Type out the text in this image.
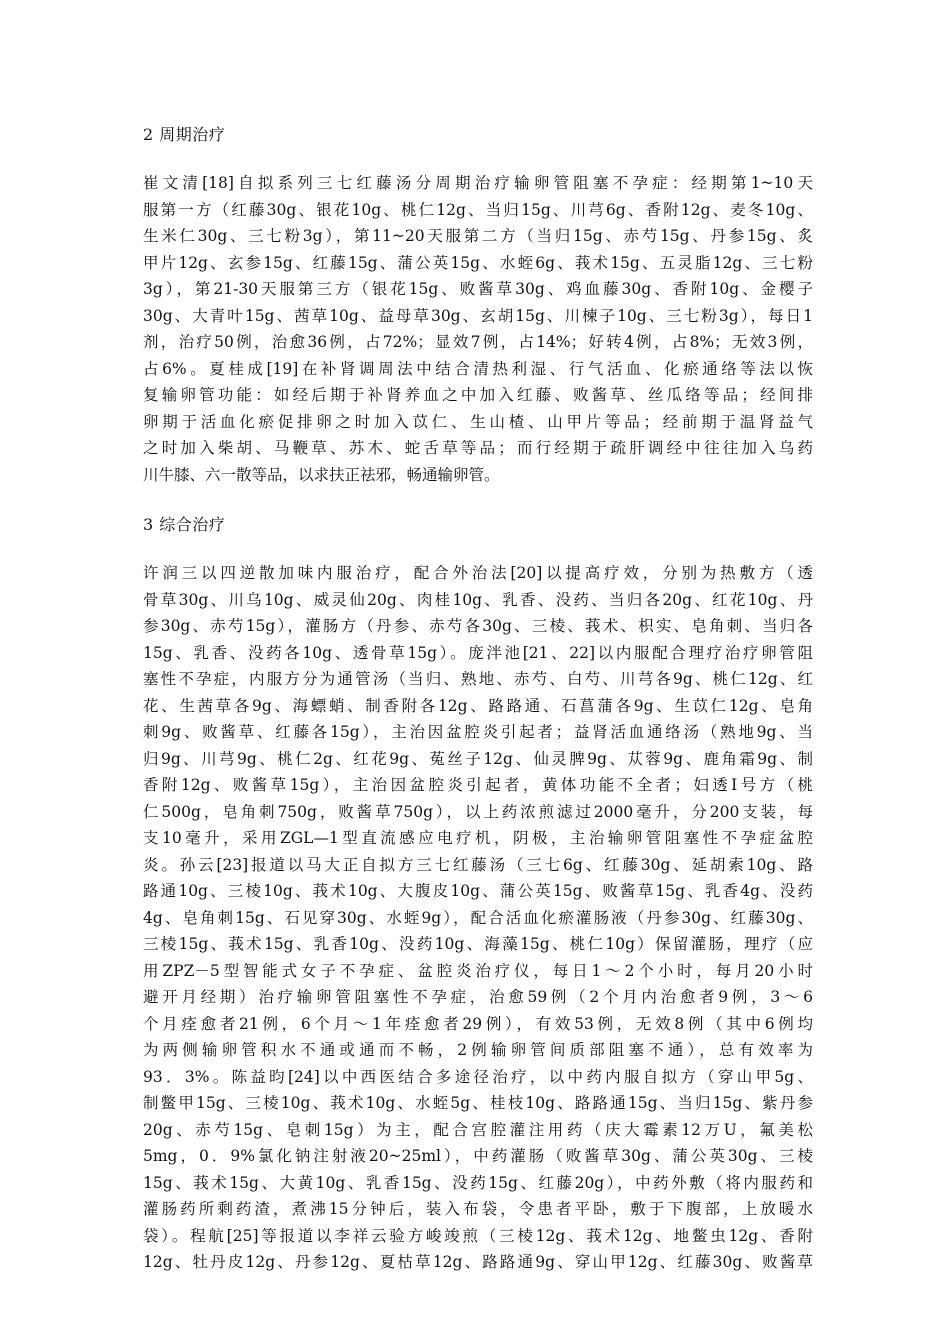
2 周期治疗
崔文清[18]自拟系列三七红藤汤分周期治疗输卵管阻塞不孕症：经期第1~10天
服第一方（红藤30g、银花10g、桃仁12g、当归15g、川芎6g、香附12g、麦冬10g、
生米仁30g、三七粉3g），第11~20天服第二方（当归15g、赤芍15g、丹参15g、炙
甲片12g、玄参15g、红藤15g、蒲公英15g、水蛭6g、莪术15g、五灵脂12g、三七粉
3g），第21-30天服第三方（银花15g、败酱草30g、鸡血藤30g、香附10g、金樱子
30g、大青叶15g、茜草10g、益母草30g、玄胡15g、川楝子10g、三七粉3g），每日1
剂，治疗50例，治愈36例，占72%；显效7例，占14%；好转4例，占8%；无效3例，
占6%。夏桂成[19]在补肾调周法中结合清热利湿、行气活血、化瘀通络等法以恢
复输卵管功能：如经后期于补肾养血之中加入红藤、败酱草、丝瓜络等品；经间排
卵期于活血化瘀促排卵之时加入苡仁、生山楂、山甲片等品；经前期于温肾益气
之时加入柴胡、马鞭草、苏木、蛇舌草等品；而行经期于疏肝调经中往往加入乌药
川牛膝、六一散等品，以求扶正祛邪，畅通输卵管。
3 综合治疗
许润三以四逆散加味内服治疗，配合外治法[20]以提高疗效，分别为热敷方（透
骨草30g、川乌10g、威灵仙20g、肉桂10g、乳香、没药、当归各20g、红花10g、丹
参30g、赤芍15g），灌肠方（丹参、赤芍各30g、三棱、莪术、枳实、皂角刺、当归各
15g、乳香、没药各10g、透骨草15g）。庞泮池[21、22]以内服配合理疗治疗卵管阻
塞性不孕症，内服方分为通管汤（当归、熟地、赤芍、白芍、川芎各9g、桃仁12g、红
花、生茜草各9g、海螵蛸、制香附各12g、路路通、石菖蒲各9g、生苡仁12g、皂角
刺9g、败酱草、红藤各15g），主治因盆腔炎引起者；益肾活血通络汤（熟地9g、当
归9g、川芎9g、桃仁2g、红花9g、菟丝子12g、仙灵脾9g、苁蓉9g、鹿角霜9g、制
香附12g、败酱草15g），主治因盆腔炎引起者，黄体功能不全者；妇透Ⅰ号方（桃
仁500g，皂角刺750g，败酱草750g），以上药浓煎滤过2000毫升，分200支装，每
支10毫升，采用ZGL—1型直流感应电疗机，阴极，主治输卵管阻塞性不孕症盆腔
炎。孙云[23]报道以马大正自拟方三七红藤汤（三七6g、红藤30g、延胡索10g、路
路通10g、三棱10g、莪术10g、大腹皮10g、蒲公英15g、败酱草15g、乳香4g、没药
4g、皂角刺15g、石见穿30g、水蛭9g），配合活血化瘀灌肠液（丹参30g、红藤30g、
三棱15g、莪术15g、乳香10g、没药10g、海藻15g、桃仁10g）保留灌肠，理疗（应
用ZPZ－5型智能式女子不孕症、盆腔炎治疗仪，每日1～2个小时，每月20小时
避开月经期）治疗输卵管阻塞性不孕症，治愈59例（2个月内治愈者9例，3～6
个月痊愈者21例，6个月～1年痊愈者29例），有效53例，无效8例（其中6例均
为两侧输卵管积水不通或通而不畅，2例输卵管间质部阻塞不通），总有效率为
93．3%。陈益昀[24]以中西医结合多途径治疗，以中药内服自拟方（穿山甲5g、
制鳖甲15g、三棱10g、莪术10g、水蛭5g、桂枝10g、路路通15g、当归15g、紫丹参
20g、赤芍15g、皂刺15g）为主，配合宫腔灌注用药（庆大霉素12万U，氟美松
5mg，0．9%氯化钠注射液20~25ml），中药灌肠（败酱草30g、蒲公英30g、三棱
15g、莪术15g、大黄10g、乳香15g、没药15g、红藤20g），中药外敷（将内服药和
灌肠药所剩药渣，煮沸15分钟后，装入布袋，令患者平卧，敷于下腹部，上放暖水
袋）。程航[25]等报道以李祥云验方峻竣煎（三棱12g、莪术12g、地鳖虫12g、香附
12g、牡丹皮12g、丹参12g、夏枯草12g、路路通9g、穿山甲12g、红藤30g、败酱草
